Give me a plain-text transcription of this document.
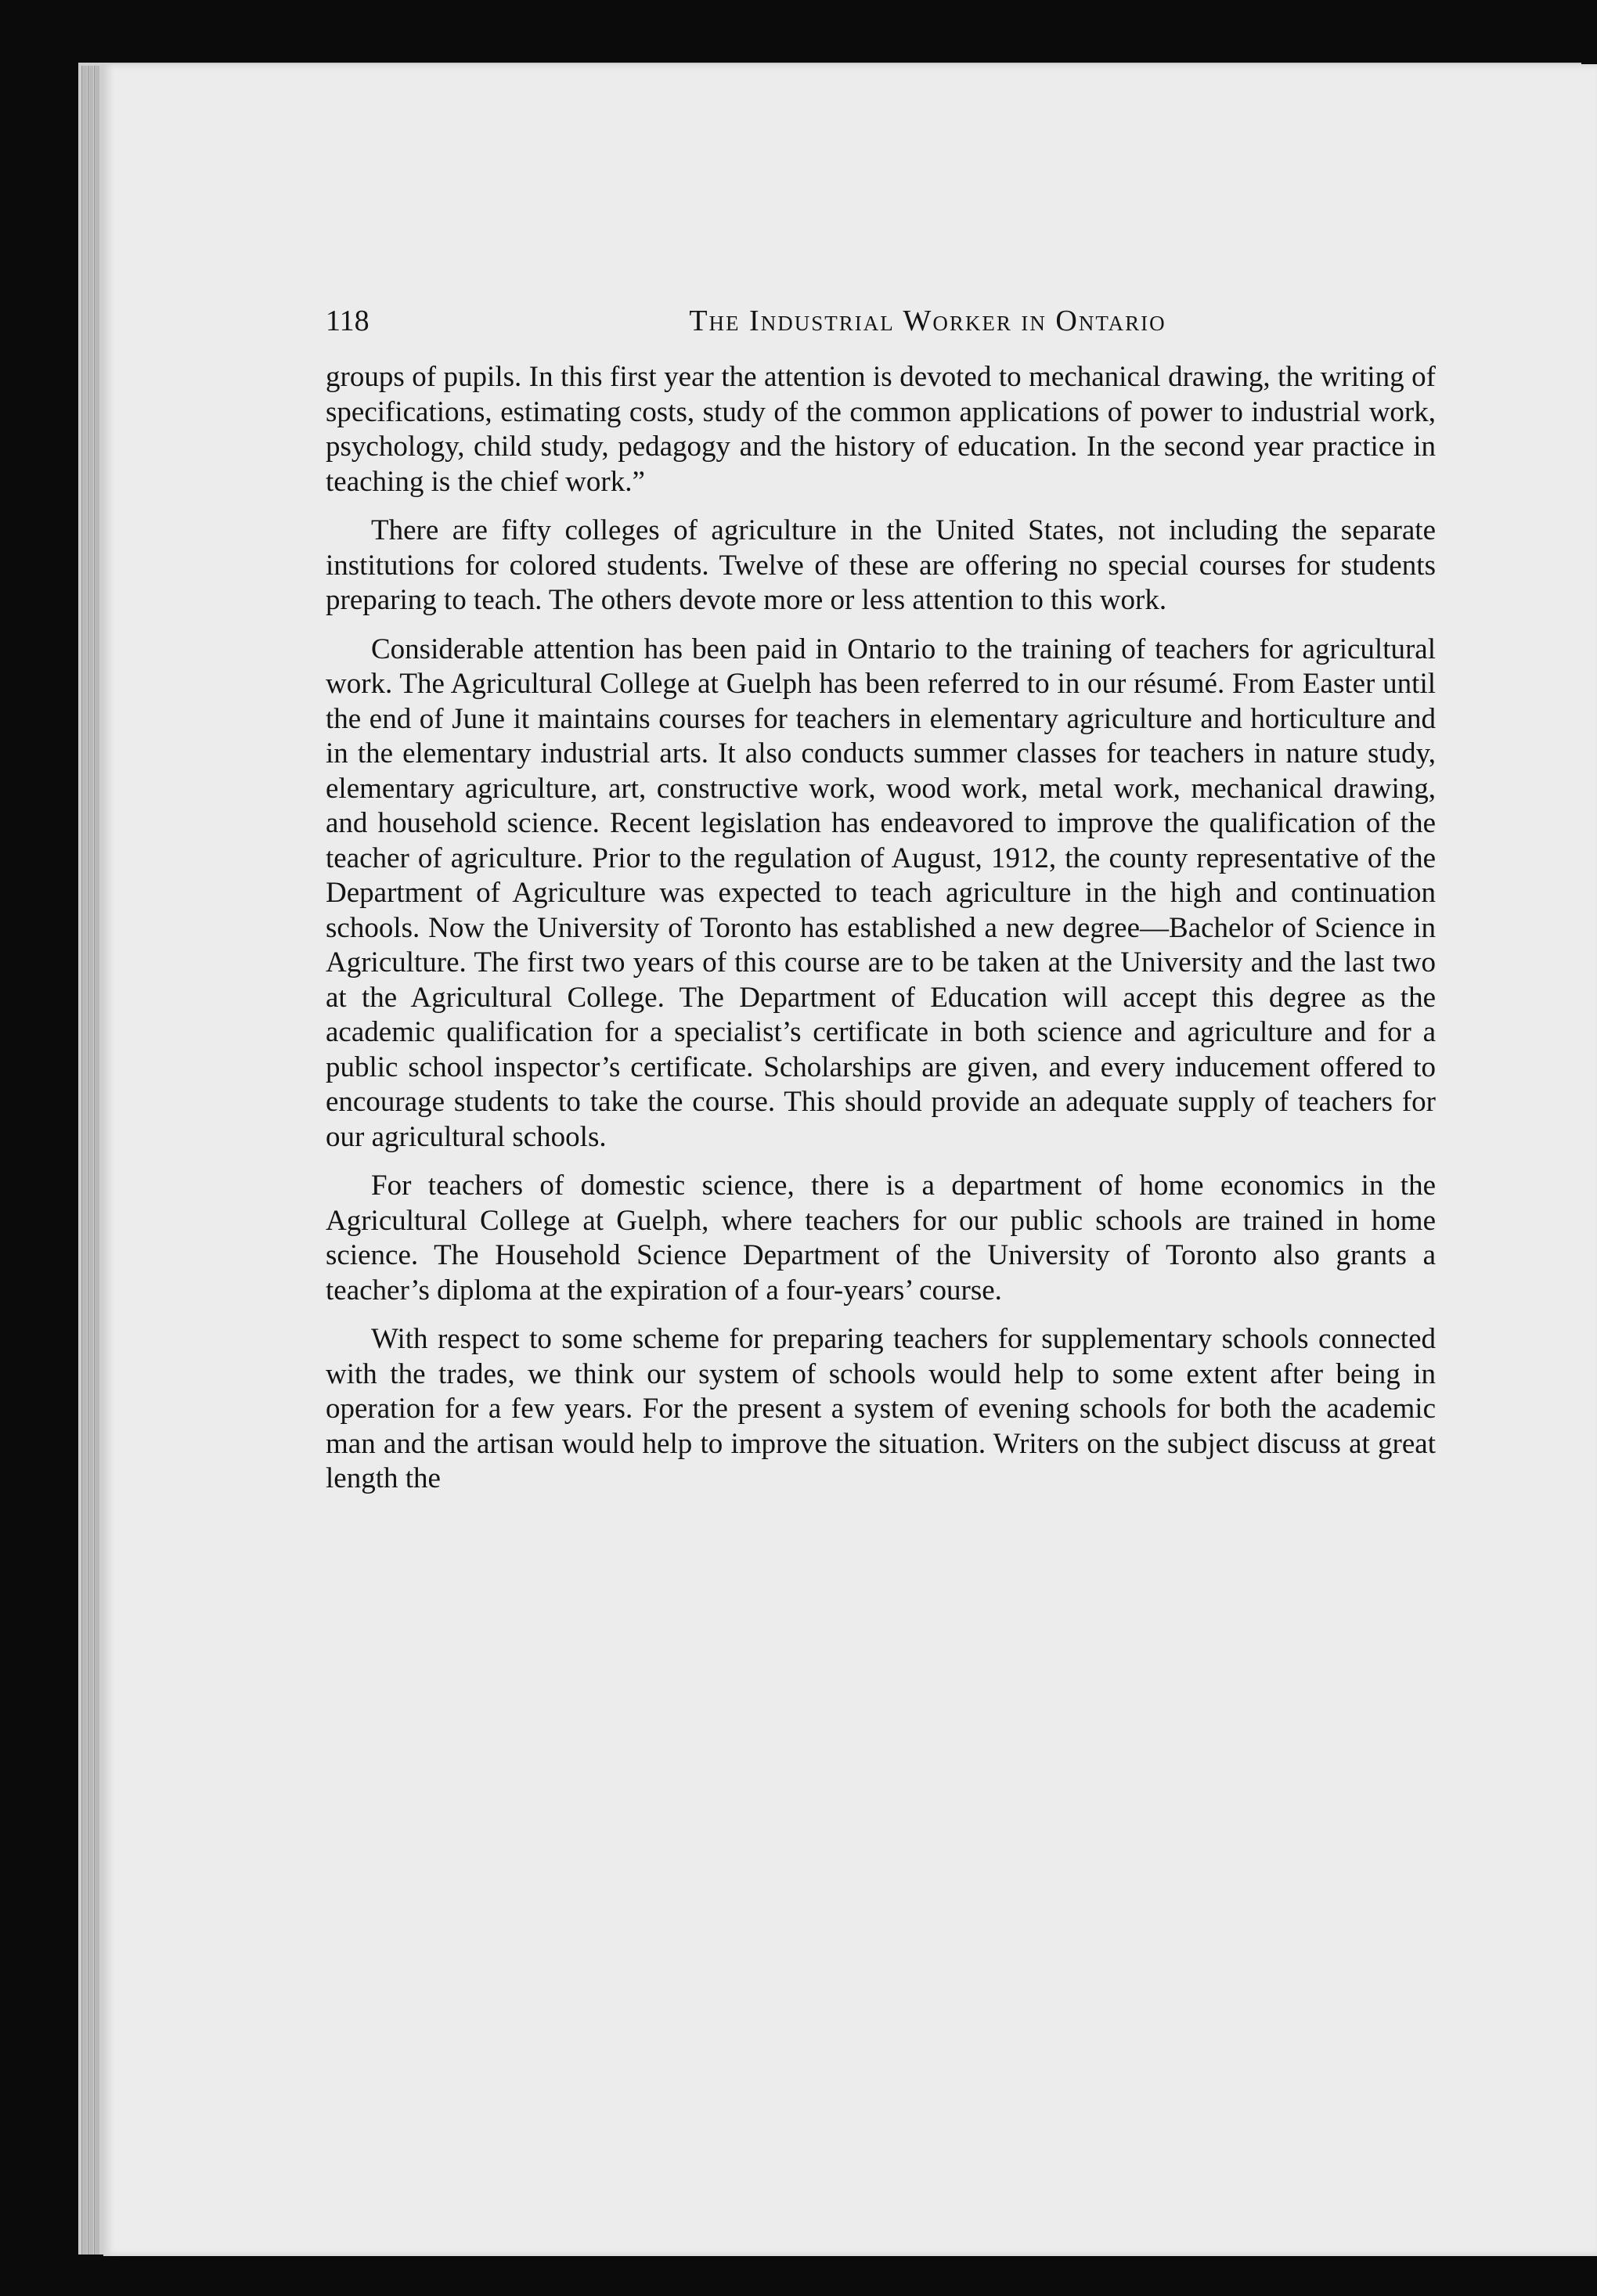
118	The Industrial Worker in Ontario

groups of pupils. In this first year the attention is devoted to mechanical drawing, the writing of specifications, estimating costs, study of the common applications of power to industrial work, psychology, child study, pedagogy and the history of education. In the second year practice in teaching is the chief work.”

There are fifty colleges of agriculture in the United States, not including the separate institutions for colored students. Twelve of these are offering no special courses for students preparing to teach. The others devote more or less attention to this work.

Considerable attention has been paid in Ontario to the training of teachers for agricultural work. The Agricultural College at Guelph has been referred to in our résumé. From Easter until the end of June it maintains courses for teachers in elementary agriculture and horticulture and in the elementary industrial arts. It also conducts summer classes for teachers in nature study, elementary agriculture, art, constructive work, wood work, metal work, mechanical drawing, and household science. Recent legislation has endeavored to improve the qualification of the teacher of agriculture. Prior to the regulation of August, 1912, the county representative of the Department of Agriculture was expected to teach agriculture in the high and continuation schools. Now the University of Toronto has established a new degree—Bachelor of Science in Agriculture. The first two years of this course are to be taken at the University and the last two at the Agricultural College. The Department of Education will accept this degree as the academic qualification for a specialist’s certificate in both science and agriculture and for a public school inspector’s certificate. Scholarships are given, and every inducement offered to encourage students to take the course. This should provide an adequate supply of teachers for our agricultural schools.

For teachers of domestic science, there is a department of home economics in the Agricultural College at Guelph, where teachers for our public schools are trained in home science. The Household Science Department of the University of Toronto also grants a teacher’s diploma at the expiration of a four-years’ course.

With respect to some scheme for preparing teachers for supplementary schools connected with the trades, we think our system of schools would help to some extent after being in operation for a few years. For the present a system of evening schools for both the academic man and the artisan would help to improve the situation. Writers on the subject discuss at great length the
